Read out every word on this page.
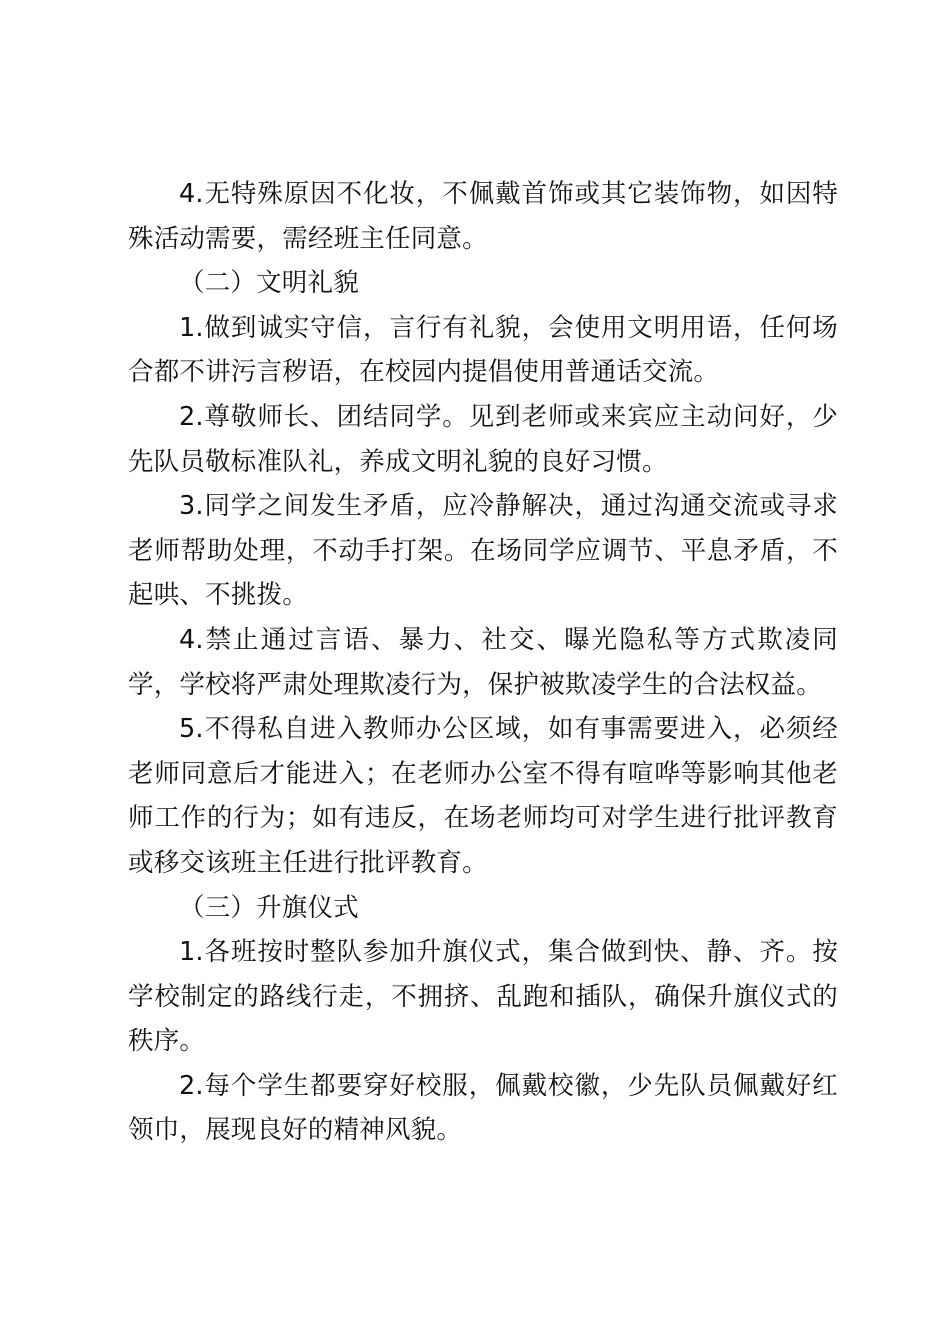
4.无特殊原因不化妆，不佩戴首饰或其它装饰物，如因特殊活动需要，需经班主任同意。

（二）文明礼貌

1.做到诚实守信，言行有礼貌，会使用文明用语，任何场合都不讲污言秽语，在校园内提倡使用普通话交流。

2.尊敬师长、团结同学。见到老师或来宾应主动问好，少先队员敬标准队礼，养成文明礼貌的良好习惯。

3.同学之间发生矛盾，应冷静解决，通过沟通交流或寻求老师帮助处理，不动手打架。在场同学应调节、平息矛盾，不起哄、不挑拨。

4.禁止通过言语、暴力、社交、曝光隐私等方式欺凌同学，学校将严肃处理欺凌行为，保护被欺凌学生的合法权益。

5.不得私自进入教师办公区域，如有事需要进入，必须经老师同意后才能进入；在老师办公室不得有喧哗等影响其他老师工作的行为；如有违反，在场老师均可对学生进行批评教育或移交该班主任进行批评教育。

（三）升旗仪式

1.各班按时整队参加升旗仪式，集合做到快、静、齐。按学校制定的路线行走，不拥挤、乱跑和插队，确保升旗仪式的秩序。

2.每个学生都要穿好校服，佩戴校徽，少先队员佩戴好红领巾，展现良好的精神风貌。
